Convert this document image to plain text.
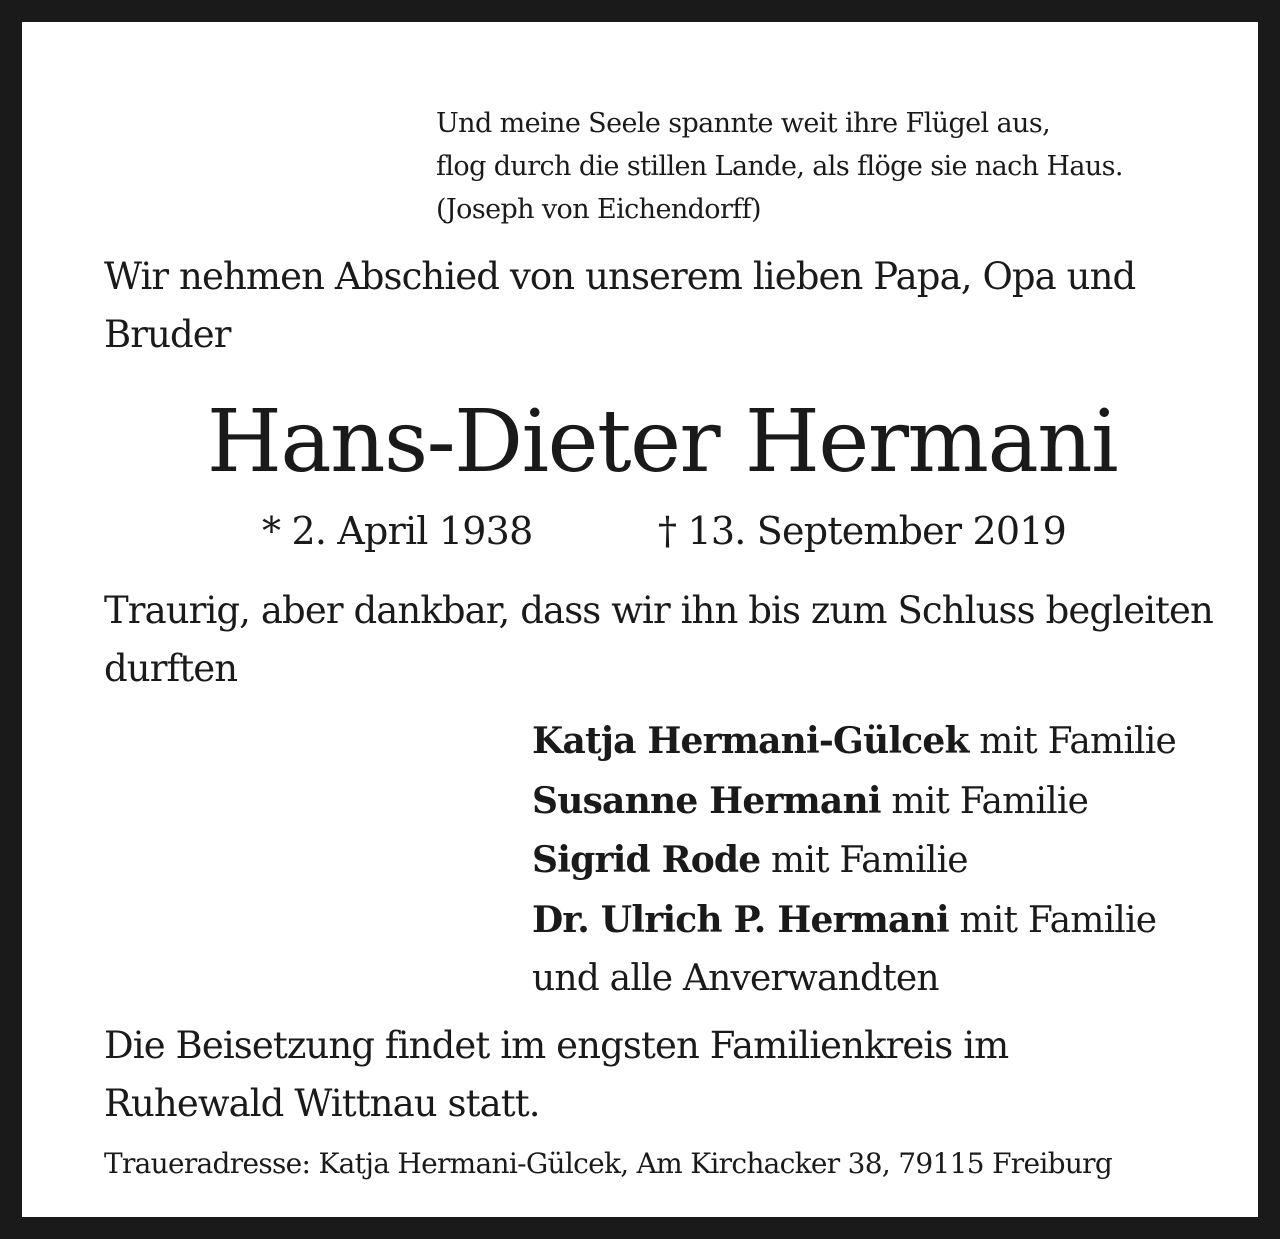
Und meine Seele spannte weit ihre Flügel aus,
flog durch die stillen Lande, als flöge sie nach Haus.
(Joseph von Eichendorff)
Wir nehmen Abschied von unserem lieben Papa, Opa und
Bruder
Hans-Dieter Hermani
* 2. April 1938	† 13. September 2019
Traurig, aber dankbar, dass wir ihn bis zum Schluss begleiten
durften
Katja Hermani-Gülcek mit Familie
Susanne Hermani mit Familie
Sigrid Rode mit Familie
Dr. Ulrich P. Hermani mit Familie
und alle Anverwandten
Die Beisetzung findet im engsten Familienkreis im
Ruhewald Wittnau statt.
Traueradresse: Katja Hermani-Gülcek, Am Kirchacker 38, 79115 Freiburg
